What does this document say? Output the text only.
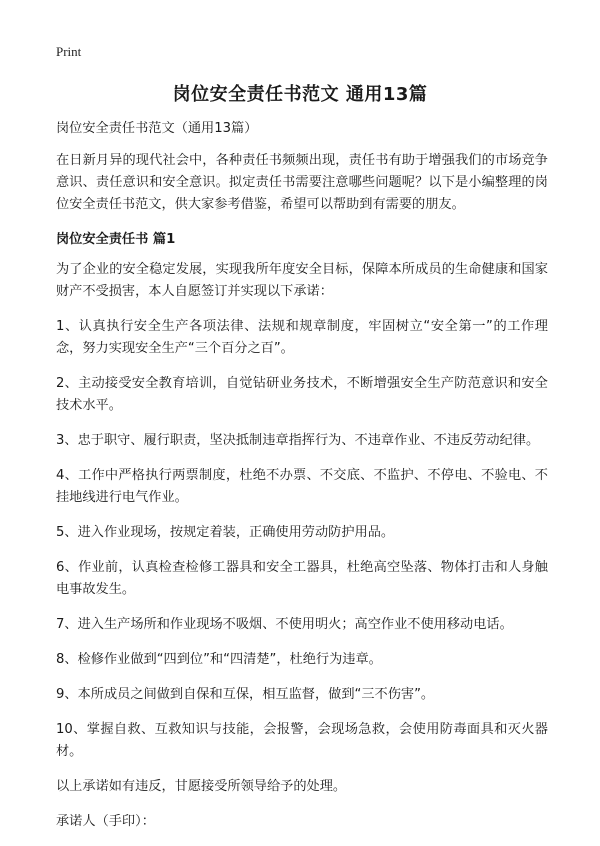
Print
岗位安全责任书范文 通用13篇

岗位安全责任书范文（通用13篇）

在日新月异的现代社会中，各种责任书频频出现，责任书有助于增强我们的市场竞争意识、责任意识和安全意识。拟定责任书需要注意哪些问题呢？以下是小编整理的岗位安全责任书范文，供大家参考借鉴，希望可以帮助到有需要的朋友。

岗位安全责任书 篇1

为了企业的安全稳定发展，实现我所年度安全目标，保障本所成员的生命健康和国家财产不受损害，本人自愿签订并实现以下承诺：

1、认真执行安全生产各项法律、法规和规章制度，牢固树立“安全第一”的工作理念，努力实现安全生产“三个百分之百”。

2、主动接受安全教育培训，自觉钻研业务技术，不断增强安全生产防范意识和安全技术水平。

3、忠于职守、履行职责，坚决抵制违章指挥行为、不违章作业、不违反劳动纪律。

4、工作中严格执行两票制度，杜绝不办票、不交底、不监护、不停电、不验电、不挂地线进行电气作业。

5、进入作业现场，按规定着装，正确使用劳动防护用品。

6、作业前，认真检查检修工器具和安全工器具，杜绝高空坠落、物体打击和人身触电事故发生。

7、进入生产场所和作业现场不吸烟、不使用明火；高空作业不使用移动电话。

8、检修作业做到“四到位”和“四清楚”，杜绝行为违章。

9、本所成员之间做到自保和互保，相互监督，做到“三不伤害”。

10、掌握自救、互救知识与技能，会报警，会现场急救，会使用防毒面具和灭火器材。

以上承诺如有违反，甘愿接受所领导给予的处理。

承诺人（手印）：
